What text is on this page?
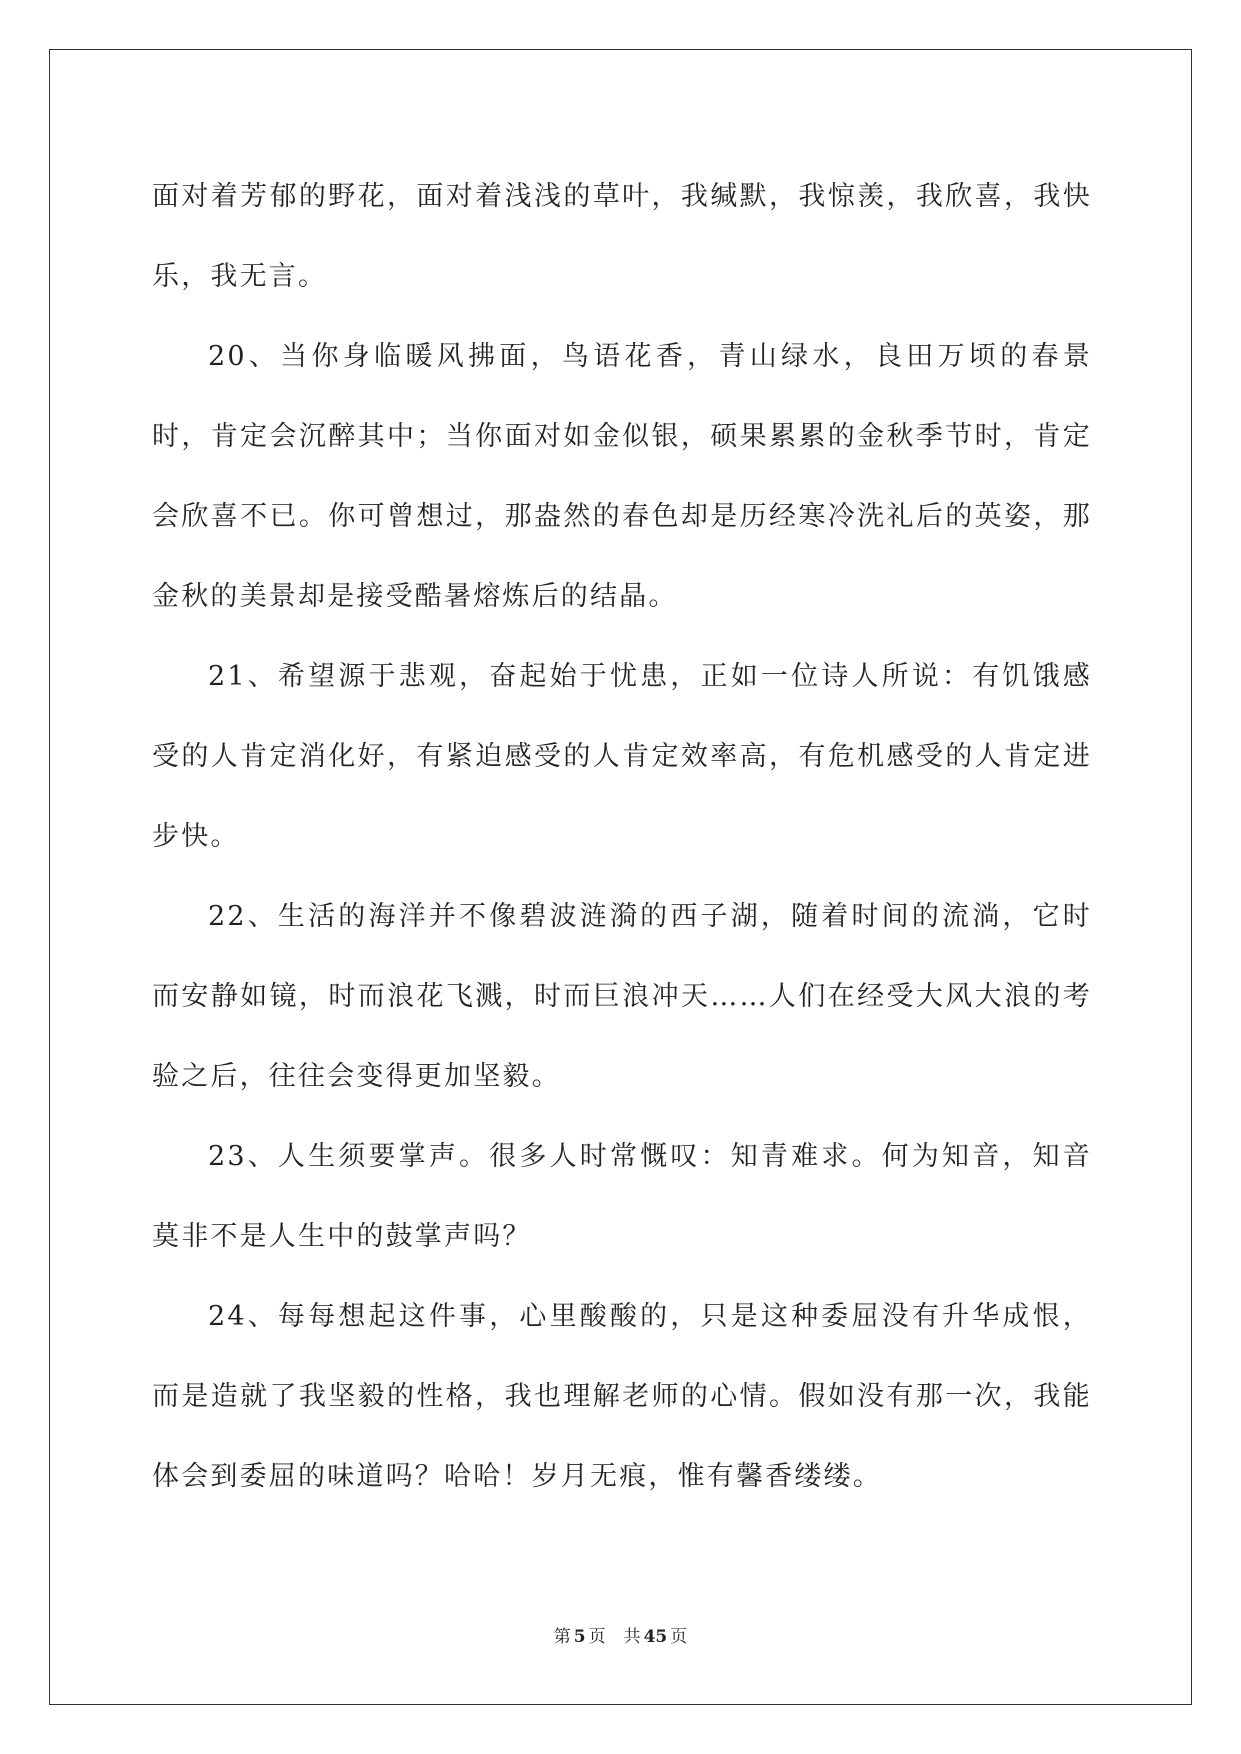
面对着芳郁的野花，面对着浅浅的草叶，我缄默，我惊羡，我欣喜，我快乐，我无言。

20、当你身临暖风拂面，鸟语花香，青山绿水，良田万顷的春景时，肯定会沉醉其中；当你面对如金似银，硕果累累的金秋季节时，肯定会欣喜不已。你可曾想过，那盎然的春色却是历经寒冷洗礼后的英姿，那金秋的美景却是接受酷暑熔炼后的结晶。

21、希望源于悲观，奋起始于忧患，正如一位诗人所说：有饥饿感受的人肯定消化好，有紧迫感受的人肯定效率高，有危机感受的人肯定进步快。

22、生活的海洋并不像碧波涟漪的西子湖，随着时间的流淌，它时而安静如镜，时而浪花飞溅，时而巨浪冲天……人们在经受大风大浪的考验之后，往往会变得更加坚毅。

23、人生须要掌声。很多人时常慨叹：知青难求。何为知音，知音莫非不是人生中的鼓掌声吗？

24、每每想起这件事，心里酸酸的，只是这种委屈没有升华成恨，而是造就了我坚毅的性格，我也理解老师的心情。假如没有那一次，我能体会到委屈的味道吗？哈哈！岁月无痕，惟有馨香缕缕。

第 5 页 共 45 页
